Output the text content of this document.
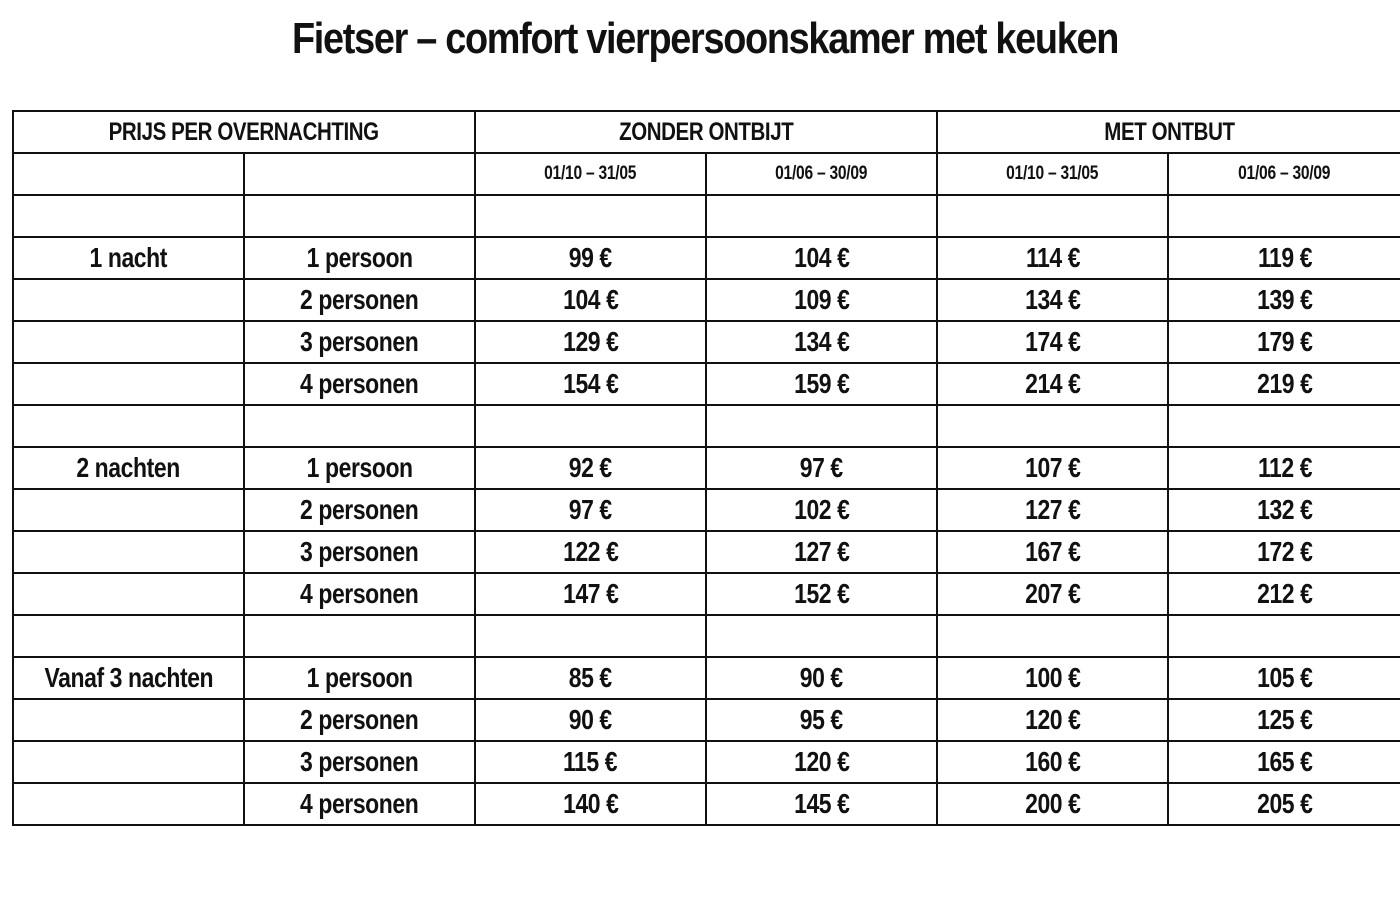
Fietser – comfort vierpersoonskamer met keuken
PRIJS PER OVERNACHTING		ZONDER ONTBIJT		MET ONTBUT	
		01/10 – 31/05	01/06 – 30/09	01/10 – 31/05	01/06 – 30/09

1 nacht	1 persoon	99 €	104 €	114 €	119 €
	2 personen	104 €	109 €	134 €	139 €
	3 personen	129 €	134 €	174 €	179 €
	4 personen	154 €	159 €	214 €	219 €

2 nachten	1 persoon	92 €	97 €	107 €	112 €
	2 personen	97 €	102 €	127 €	132 €
	3 personen	122 €	127 €	167 €	172 €
	4 personen	147 €	152 €	207 €	212 €

Vanaf 3 nachten	1 persoon	85 €	90 €	100 €	105 €
	2 personen	90 €	95 €	120 €	125 €
	3 personen	115 €	120 €	160 €	165 €
	4 personen	140 €	145 €	200 €	205 €
